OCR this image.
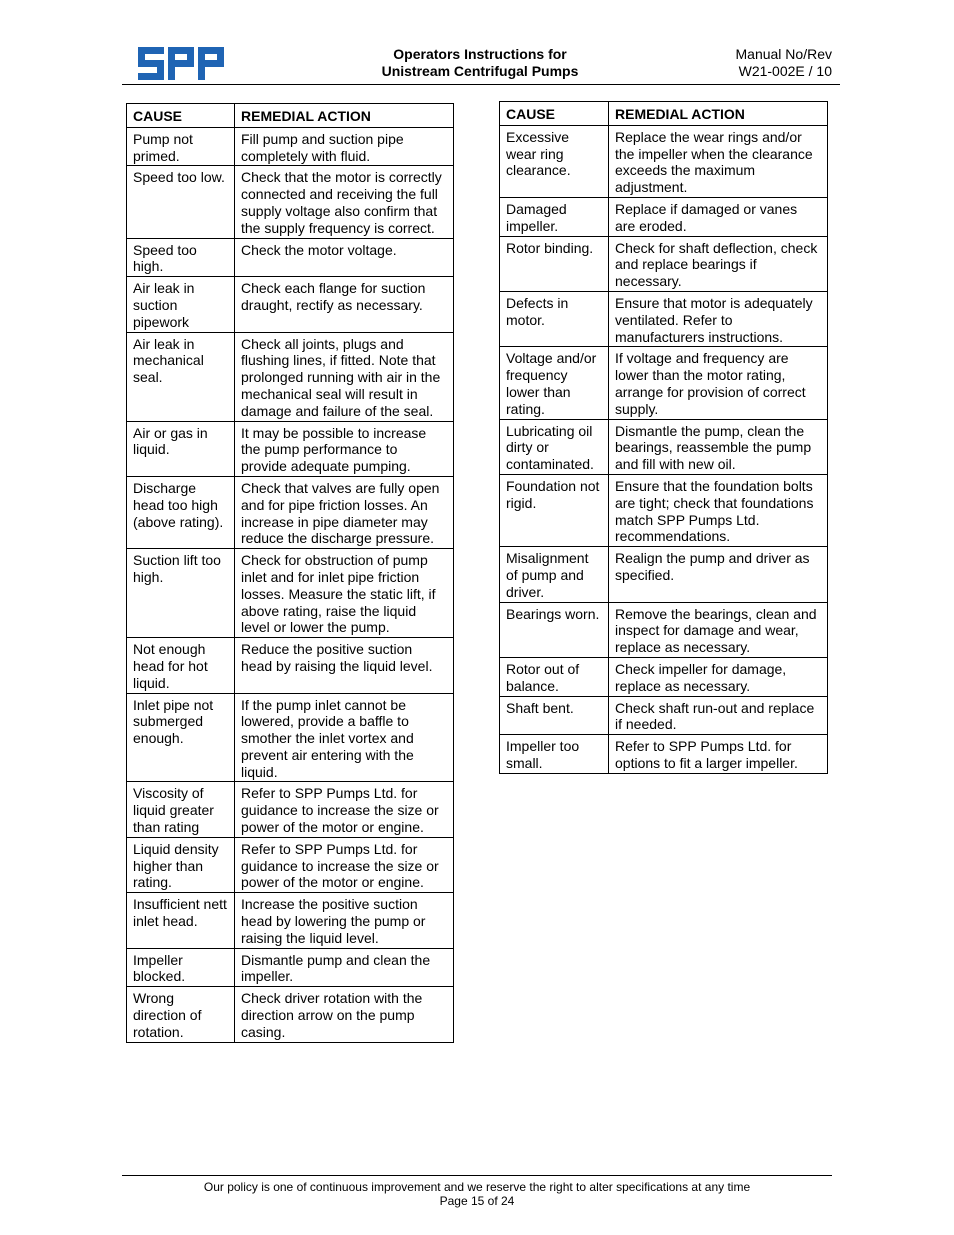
Operators Instructions for
Unistream Centrifugal Pumps
Manual No/Rev
W21-002E / 10
CAUSE	REMEDIAL ACTION
Pump not primed.	Fill pump and suction pipe completely with fluid.
Speed too low.	Check that the motor is correctly connected and receiving the full supply voltage also confirm that the supply frequency is correct.
Speed too high.	Check the motor voltage.
Air leak in suction pipework	Check each flange for suction draught, rectify as necessary.
Air leak in mechanical seal.	Check all joints, plugs and flushing lines, if fitted. Note that prolonged running with air in the mechanical seal will result in damage and failure of the seal.
Air or gas in liquid.	It may be possible to increase the pump performance to provide adequate pumping.
Discharge head too high (above rating).	Check that valves are fully open and for pipe friction losses. An increase in pipe diameter may reduce the discharge pressure.
Suction lift too high.	Check for obstruction of pump inlet and for inlet pipe friction losses. Measure the static lift, if above rating, raise the liquid level or lower the pump.
Not enough head for hot liquid.	Reduce the positive suction head by raising the liquid level.
Inlet pipe not submerged enough.	If the pump inlet cannot be lowered, provide a baffle to smother the inlet vortex and prevent air entering with the liquid.
Viscosity of liquid greater than rating	Refer to SPP Pumps Ltd. for guidance to increase the size or power of the motor or engine.
Liquid density higher than rating.	Refer to SPP Pumps Ltd. for guidance to increase the size or power of the motor or engine.
Insufficient nett inlet head.	Increase the positive suction head by lowering the pump or raising the liquid level.
Impeller blocked.	Dismantle pump and clean the impeller.
Wrong direction of rotation.	Check driver rotation with the direction arrow on the pump casing.
CAUSE	REMEDIAL ACTION
Excessive wear ring clearance.	Replace the wear rings and/or the impeller when the clearance exceeds the maximum adjustment.
Damaged impeller.	Replace if damaged or vanes are eroded.
Rotor binding.	Check for shaft deflection, check and replace bearings if necessary.
Defects in motor.	Ensure that motor is adequately ventilated. Refer to manufacturers instructions.
Voltage and/or frequency lower than rating.	If voltage and frequency are lower than the motor rating, arrange for provision of correct supply.
Lubricating oil dirty or contaminated.	Dismantle the pump, clean the bearings, reassemble the pump and fill with new oil.
Foundation not rigid.	Ensure that the foundation bolts are tight; check that foundations match SPP Pumps Ltd. recommendations.
Misalignment of pump and driver.	Realign the pump and driver as specified.
Bearings worn.	Remove the bearings, clean and inspect for damage and wear, replace as necessary.
Rotor out of balance.	Check impeller for damage, replace as necessary.
Shaft bent.	Check shaft run-out and replace if needed.
Impeller too small.	Refer to SPP Pumps Ltd. for options to fit a larger impeller.
Our policy is one of continuous improvement and we reserve the right to alter specifications at any time
Page 15 of 24
